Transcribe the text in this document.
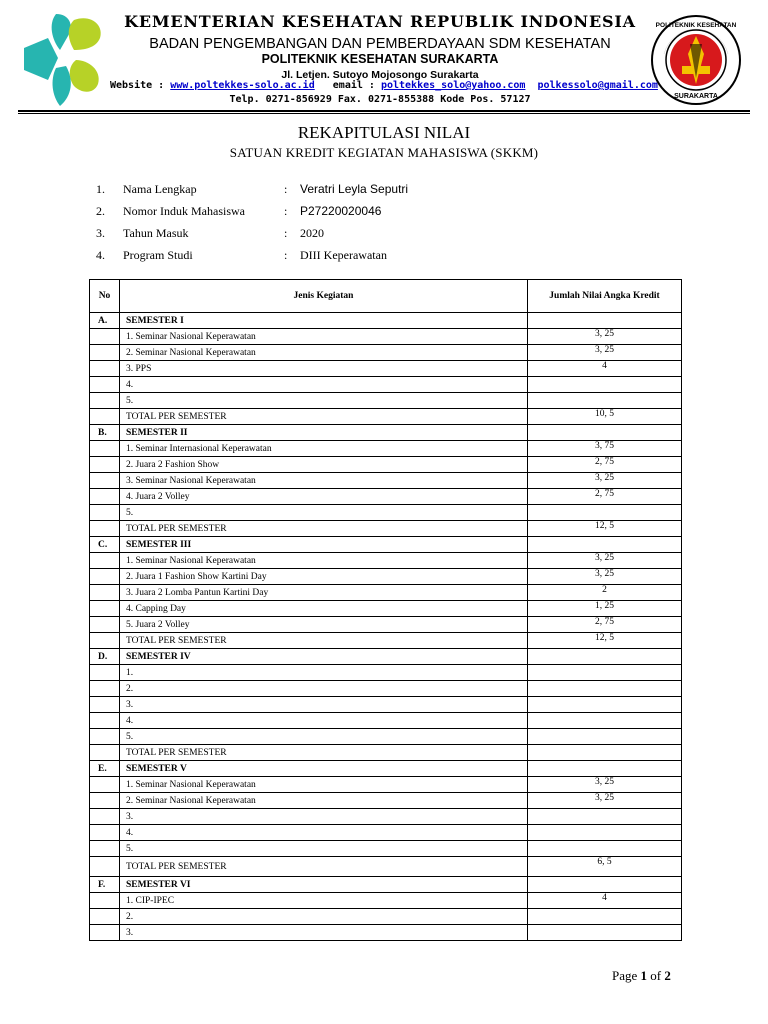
SURAKARTA
POLITEKNIK KESEHATAN
KEMENTERIAN KESEHATAN REPUBLIK INDONESIA
BADAN PENGEMBANGAN DAN PEMBERDAYAAN SDM KESEHATAN
POLITEKNIK KESEHATAN SURAKARTA
Jl. Letjen. Sutoyo Mojosongo Surakarta
Website : www.poltekkes-solo.ac.id email : poltekkes_solo@yahoo.com polkessolo@gmail.com
Telp. 0271-856929 Fax. 0271-855388 Kode Pos. 57127
REKAPITULASI NILAI
SATUAN KREDIT KEGIATAN MAHASISWA (SKKM)
1. Nama Lengkap	: Veratri Leyla Seputri
2. Nomor Induk Mahasiswa	: P27220020046
3. Tahun Masuk	: 2020
4. Program Studi	: DIII Keperawatan
No	Jenis Kegiatan	Jumlah Nilai Angka Kredit
A.	SEMESTER I	
	1. Seminar Nasional Keperawatan	3, 25
	2. Seminar Nasional Keperawatan	3, 25
	3. PPS	4
	4.	
	5.	
	TOTAL PER SEMESTER	10, 5
B.	SEMESTER II	
	1. Seminar Internasional Keperawatan	3, 75
	2. Juara 2 Fashion Show	2, 75
	3. Seminar Nasional Keperawatan	3, 25
	4. Juara 2 Volley	2, 75
	5.	
	TOTAL PER SEMESTER	12, 5
C.	SEMESTER III	
	1. Seminar Nasional Keperawatan	3, 25
	2. Juara 1 Fashion Show Kartini Day	3, 25
	3. Juara 2 Lomba Pantun Kartini Day	2
	4. Capping Day	1, 25
	5. Juara 2 Volley	2, 75
	TOTAL PER SEMESTER	12, 5
D.	SEMESTER IV	
	1.	
	2.	
	3.	
	4.	
	5.	
	TOTAL PER SEMESTER	
E.	SEMESTER V	
	1. Seminar Nasional Keperawatan	3, 25
	2. Seminar Nasional Keperawatan	3, 25
	3.	
	4.	
	5.	
	TOTAL PER SEMESTER	6, 5
F.	SEMESTER VI	
	1. CIP-IPEC	4
	2.	
	3.	
Page 1 of 2
